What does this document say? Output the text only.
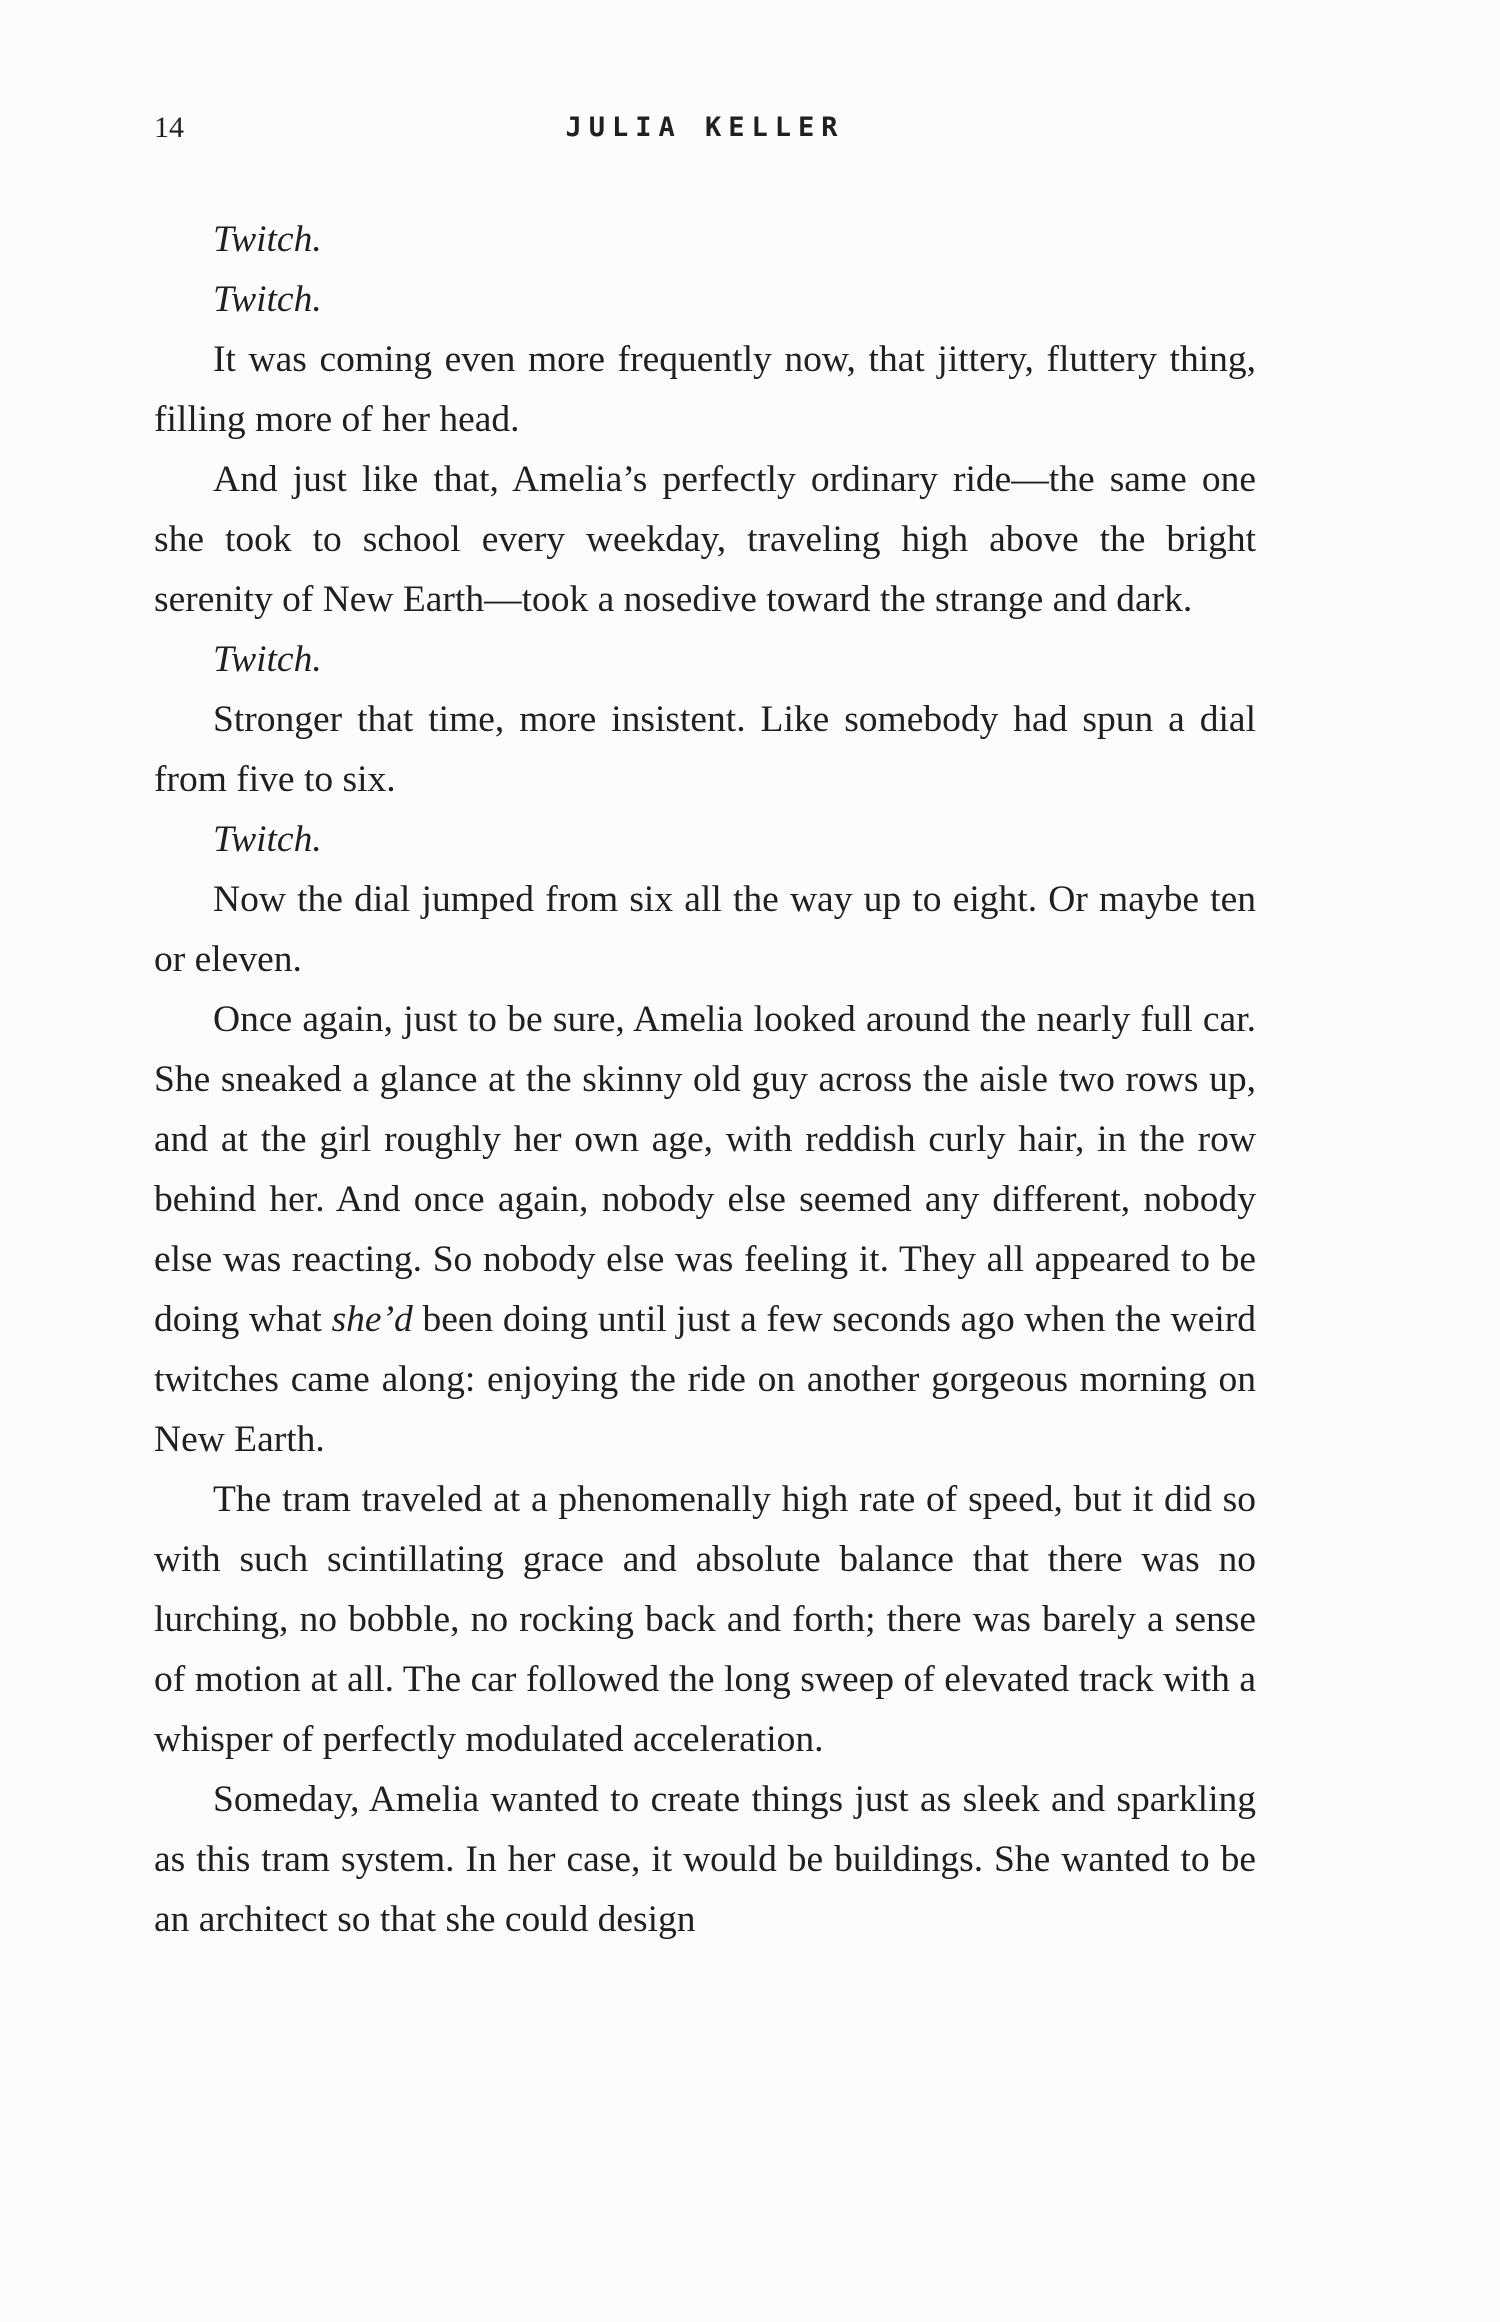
14	JULIA KELLER

Twitch.

Twitch.

It was coming even more frequently now, that jittery, fluttery thing, filling more of her head.

And just like that, Amelia’s perfectly ordinary ride—the same one she took to school every weekday, traveling high above the bright serenity of New Earth—took a nosedive toward the strange and dark.

Twitch.

Stronger that time, more insistent. Like somebody had spun a dial from five to six.

Twitch.

Now the dial jumped from six all the way up to eight. Or maybe ten or eleven.

Once again, just to be sure, Amelia looked around the nearly full car. She sneaked a glance at the skinny old guy across the aisle two rows up, and at the girl roughly her own age, with reddish curly hair, in the row behind her. And once again, nobody else seemed any different, nobody else was reacting. So nobody else was feeling it. They all appeared to be doing what she’d been doing until just a few seconds ago when the weird twitches came along: enjoying the ride on another gorgeous morning on New Earth.

The tram traveled at a phenomenally high rate of speed, but it did so with such scintillating grace and absolute balance that there was no lurching, no bobble, no rocking back and forth; there was barely a sense of motion at all. The car followed the long sweep of elevated track with a whisper of perfectly modulated acceleration.

Someday, Amelia wanted to create things just as sleek and sparkling as this tram system. In her case, it would be buildings. She wanted to be an architect so that she could design
